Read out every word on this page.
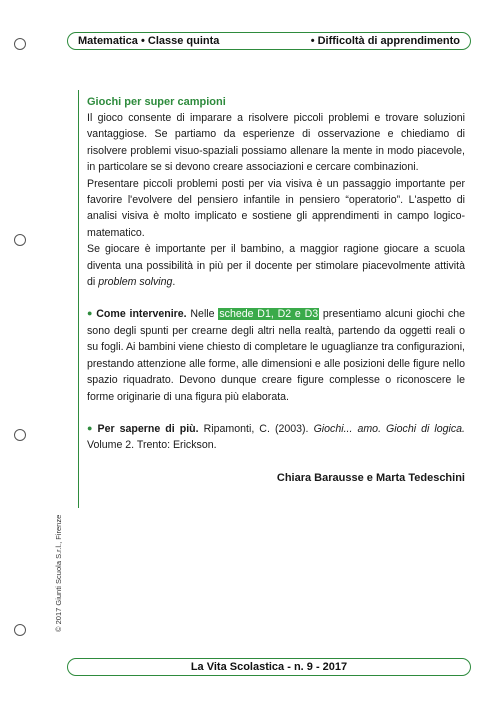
Matematica • Classe quinta	• Difficoltà di apprendimento
Giochi per super campioni

Il gioco consente di imparare a risolvere piccoli problemi e trovare soluzioni vantaggiose. Se partiamo da esperienze di osservazione e chiediamo di risolvere problemi visuo-spaziali possiamo allenare la mente in modo piacevole, in particolare se si devono creare associazioni e cercare combinazioni.

Presentare piccoli problemi posti per via visiva è un passaggio importante per favorire l'evolvere del pensiero infantile in pensiero “operatorio”. L'aspetto di analisi visiva è molto implicato e sostiene gli apprendimenti in campo logico-matematico.

Se giocare è importante per il bambino, a maggior ragione giocare a scuola diventa una possibilità in più per il docente per stimolare piacevolmente attività di problem solving.

● Come intervenire. Nelle schede D1, D2 e D3 presentiamo alcuni giochi che sono degli spunti per crearne degli altri nella realtà, partendo da oggetti reali o su fogli. Ai bambini viene chiesto di completare le uguaglianze tra configurazioni, prestando attenzione alle forme, alle dimensioni e alle posizioni delle figure nello spazio riquadrato. Devono dunque creare figure complesse o riconoscere le forme originarie di una figura più elaborata.

● Per saperne di più. Ripamonti, C. (2003). Giochi... amo. Giochi di logica. Volume 2. Trento: Erickson.

Chiara Barausse e Marta Tedeschini
© 2017 Giunti Scuola S.r.l., Firenze
La Vita Scolastica - n. 9 - 2017
